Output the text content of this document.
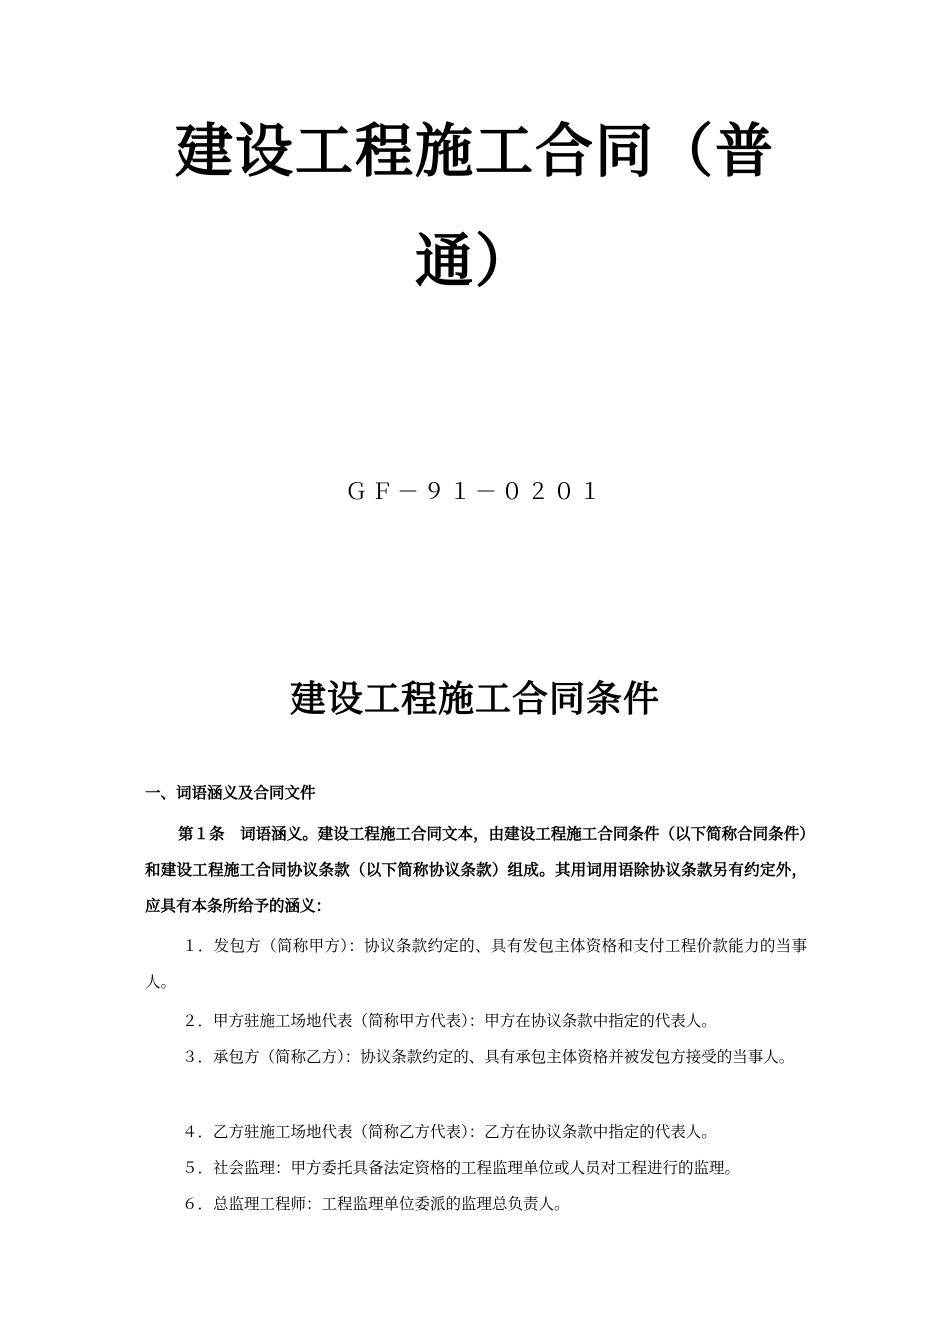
建设工程施工合同（普
通）
ＧＦ－９１－０２０１
建设工程施工合同条件
一、词语涵义及合同文件

第１条　词语涵义。建设工程施工合同文本，由建设工程施工合同条件（以下简称合同条件）和建设工程施工合同协议条款（以下简称协议条款）组成。其用词用语除协议条款另有约定外，应具有本条所给予的涵义：

１．发包方（简称甲方）：协议条款约定的、具有发包主体资格和支付工程价款能力的当事人。

２．甲方驻施工场地代表（简称甲方代表）：甲方在协议条款中指定的代表人。

３．承包方（简称乙方）：协议条款约定的、具有承包主体资格并被发包方接受的当事人。

４．乙方驻施工场地代表（简称乙方代表）：乙方在协议条款中指定的代表人。

５．社会监理：甲方委托具备法定资格的工程监理单位或人员对工程进行的监理。

６．总监理工程师：工程监理单位委派的监理总负责人。
